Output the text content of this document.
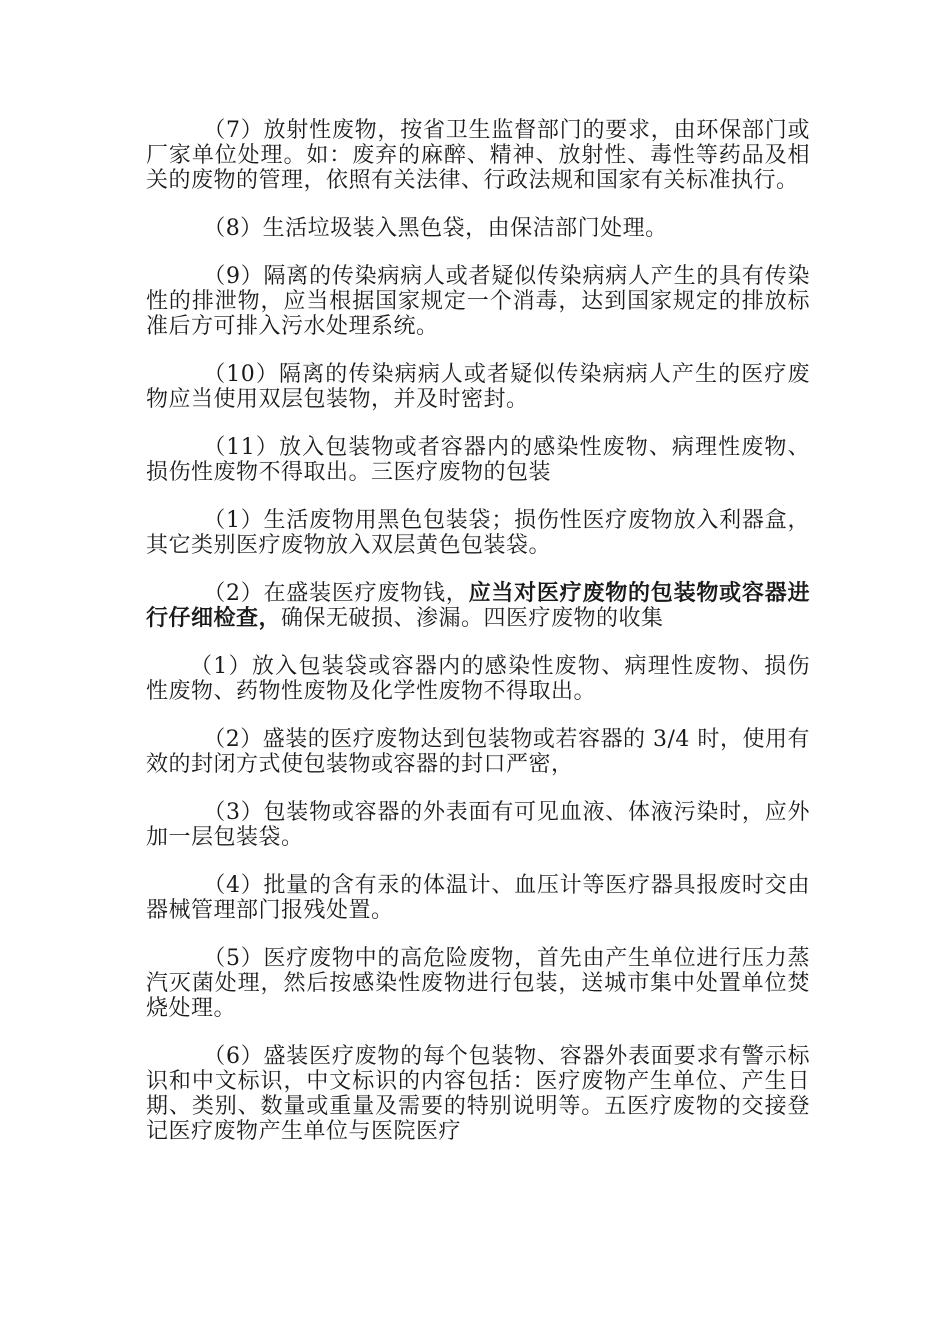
（7）放射性废物，按省卫生监督部门的要求，由环保部门或厂家单位处理。如：废弃的麻醉、精神、放射性、毒性等药品及相关的废物的管理，依照有关法律、行政法规和国家有关标准执行。

（8）生活垃圾装入黑色袋，由保洁部门处理。

（9）隔离的传染病病人或者疑似传染病病人产生的具有传染性的排泄物，应当根据国家规定一个消毒，达到国家规定的排放标准后方可排入污水处理系统。

（10）隔离的传染病病人或者疑似传染病病人产生的医疗废物应当使用双层包装物，并及时密封。

（11）放入包装物或者容器内的感染性废物、病理性废物、损伤性废物不得取出。三医疗废物的包装

（1）生活废物用黑色包装袋；损伤性医疗废物放入利器盒，其它类别医疗废物放入双层黄色包装袋。

（2）在盛装医疗废物钱，应当对医疗废物的包装物或容器进行仔细检查，确保无破损、渗漏。四医疗废物的收集

（1）放入包装袋或容器内的感染性废物、病理性废物、损伤性废物、药物性废物及化学性废物不得取出。

（2）盛装的医疗废物达到包装物或若容器的 3/4 时，使用有效的封闭方式使包装物或容器的封口严密，

（3）包装物或容器的外表面有可见血液、体液污染时，应外加一层包装袋。

（4）批量的含有汞的体温计、血压计等医疗器具报废时交由器械管理部门报残处置。

（5）医疗废物中的高危险废物，首先由产生单位进行压力蒸汽灭菌处理，然后按感染性废物进行包装，送城市集中处置单位焚烧处理。

（6）盛装医疗废物的每个包装物、容器外表面要求有警示标识和中文标识，中文标识的内容包括：医疗废物产生单位、产生日期、类别、数量或重量及需要的特别说明等。五医疗废物的交接登记医疗废物产生单位与医院医疗
